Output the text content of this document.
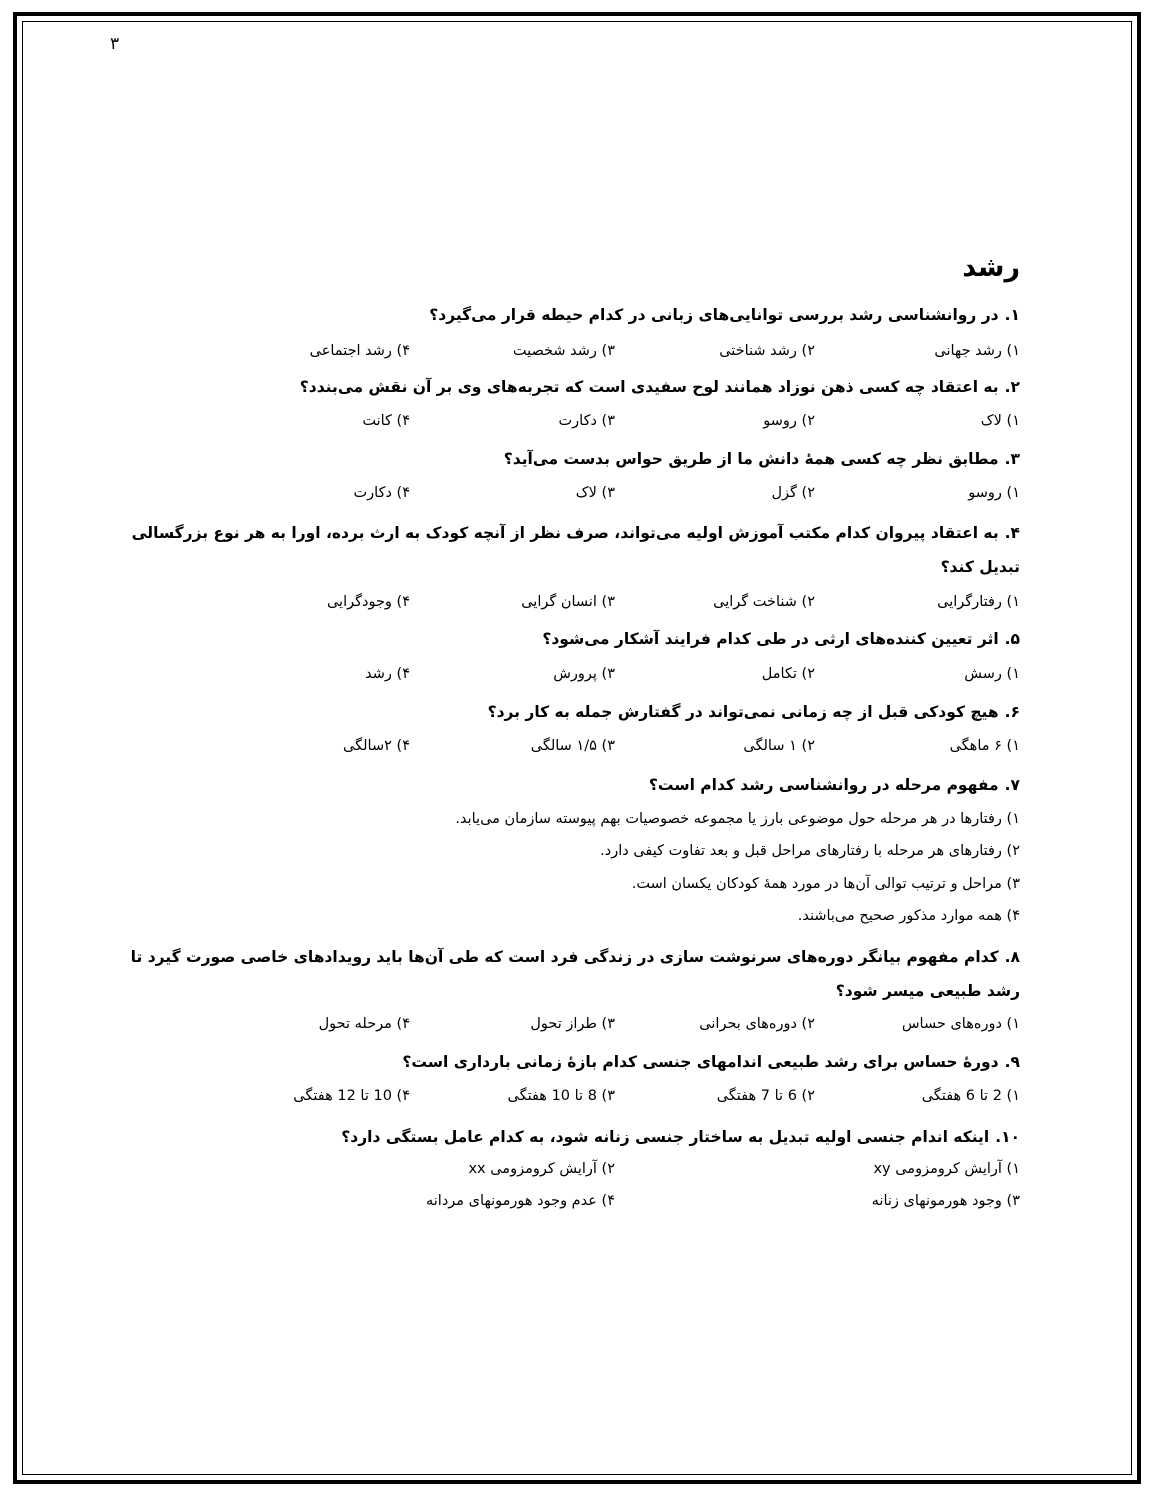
۳
رشد
۱.در روانشناسی رشد بررسی توانایی‌های زبانی در کدام حیطه قرار می‌گیرد؟
۱) رشد جهانی
۲) رشد شناختی
۳) رشد شخصیت
۴) رشد اجتماعی
۲.به اعتقاد چه کسی ذهن نوزاد همانند لوح سفیدی است که تجربه‌های وی بر آن نقش می‌بندد؟
۱) لاک
۲) روسو
۳) دکارت
۴) کانت
۳.مطابق نظر چه کسی همهٔ دانش ما از طریق حواس بدست می‌آید؟
۱) روسو
۲) گزل
۳) لاک
۴) دکارت
۴.به اعتقاد پیروان کدام مکتب آموزش اولیه می‌تواند، صرف نظر از آنچه کودک به ارث برده، اورا به هر نوع بزرگسالی تبدیل کند؟
۱) رفتارگرایی
۲) شناخت گرایی
۳) انسان گرایی
۴) وجودگرایی
۵.اثر تعیین کننده‌های ارثی در طی کدام فرایند آشکار می‌شود؟
۱) رسش
۲) تکامل
۳) پرورش
۴) رشد
۶.هیچ کودکی قبل از چه زمانی نمی‌تواند در گفتارش جمله به کار برد؟
۱) ۶ ماهگی
۲) ۱ سالگی
۳) ۱/۵ سالگی
۴) ۲سالگی
۷.مفهوم مرحله در روانشناسی رشد کدام است؟
۱) رفتارها در هر مرحله حول موضوعی بارز یا مجموعه خصوصیات بهم پیوسته سازمان می‌یابد.
۲) رفتارهای هر مرحله با رفتارهای مراحل قبل و بعد تفاوت کیفی دارد.
۳) مراحل و ترتیب توالی آن‌ها در مورد همهٔ کودکان یکسان است.
۴) همه موارد مذکور صحیح می‌باشند.
۸.کدام مفهوم بیانگر دوره‌های سرنوشت سازی در زندگی فرد است که طی آن‌ها باید رویدادهای خاصی صورت گیرد تا رشد طبیعی میسر شود؟
۱) دوره‌های حساس
۲) دوره‌های بحرانی
۳) طراز تحول
۴) مرحله تحول
۹.دورهٔ حساس برای رشد طبیعی اندامهای جنسی کدام بازهٔ زمانی بارداری است؟
۱) 2 تا 6 هفتگی
۲) 6 تا 7 هفتگی
۳) 8 تا 10 هفتگی
۴) 10 تا 12 هفتگی
۱۰.اینکه اندام جنسی اولیه تبدیل به ساختار جنسی زنانه شود، به کدام عامل بستگی دارد؟
۱) آرایش کرومزومی xy
۲) آرایش کرومزومی xx
۳) وجود هورمونهای زنانه
۴) عدم وجود هورمونهای مردانه
